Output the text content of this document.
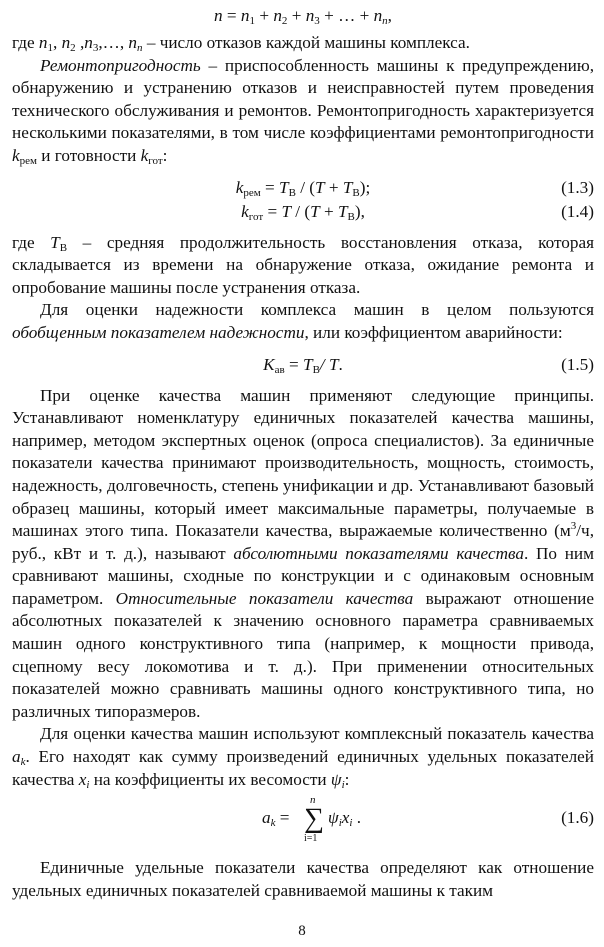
$n = n_1 + n_2 + n_3$ + … + $n_n$,

где $n_1$, $n_2$ $,n_3,\dots$, $n_n$ – число отказов каждой машины комплекса.

Ремонтопригодность – приспособленность машины к предупреждению, обнаружению и устранению отказов и неисправностей путем проведения технического обслуживания и ремонтов. Ремонтопригодность характеризуется несколькими показателями, в том числе коэффициентами ремонтопригодности $k_{рем}$ и готовности $k_{гот}$:

$k_{рем} = T_В / (T + T_В)$;	(1.3)
$k_{гот} = T / (T + T_В)$,	(1.4)

где $T_В$ – средняя продолжительность восстановления отказа, которая складывается из времени на обнаружение отказа, ожидание ремонта и опробование машины после устранения отказа.

Для оценки надежности комплекса машин в целом пользуются обобщенным показателем надежности, или коэффициентом аварийности:

$K_{ав} = T_В/$ T.	(1.5)

При оценке качества машин применяют следующие принципы. Устанавливают номенклатуру единичных показателей качества машины, например, методом экспертных оценок (опроса специалистов). За единичные показатели качества принимают производительность, мощность, стоимость, надежность, долговечность, степень унификации и др. Устанавливают базовый образец машины, который имеет максимальные параметры, получаемые в машинах этого типа. Показатели качества, выражаемые количественно ($м^3/ч$, руб., кВт и т. д.), называют абсолютными показателями качества. По ним сравнивают машины, сходные по конструкции и с одинаковым основным параметром. Относительные показатели качества выражают отношение абсолютных показателей к значению основного параметра сравниваемых машин одного конструктивного типа (например, к мощности привода, сцепному весу локомотива и т. д.). При применении относительных показателей можно сравнивать машины одного конструктивного типа, но различных типоразмеров.

Для оценки качества машин используют комплексный показатель качества $a_k$. Его находят как сумму произведений единичных удельных показателей качества $x_i$ на коэффициенты их весомости $\psi_i$:

$a_k$ =
n
∑
i=1
$\psi_ix_i$ .	(1.6)

Единичные удельные показатели качества определяют как отношение удельных единичных показателей сравниваемой машины к таким

8
